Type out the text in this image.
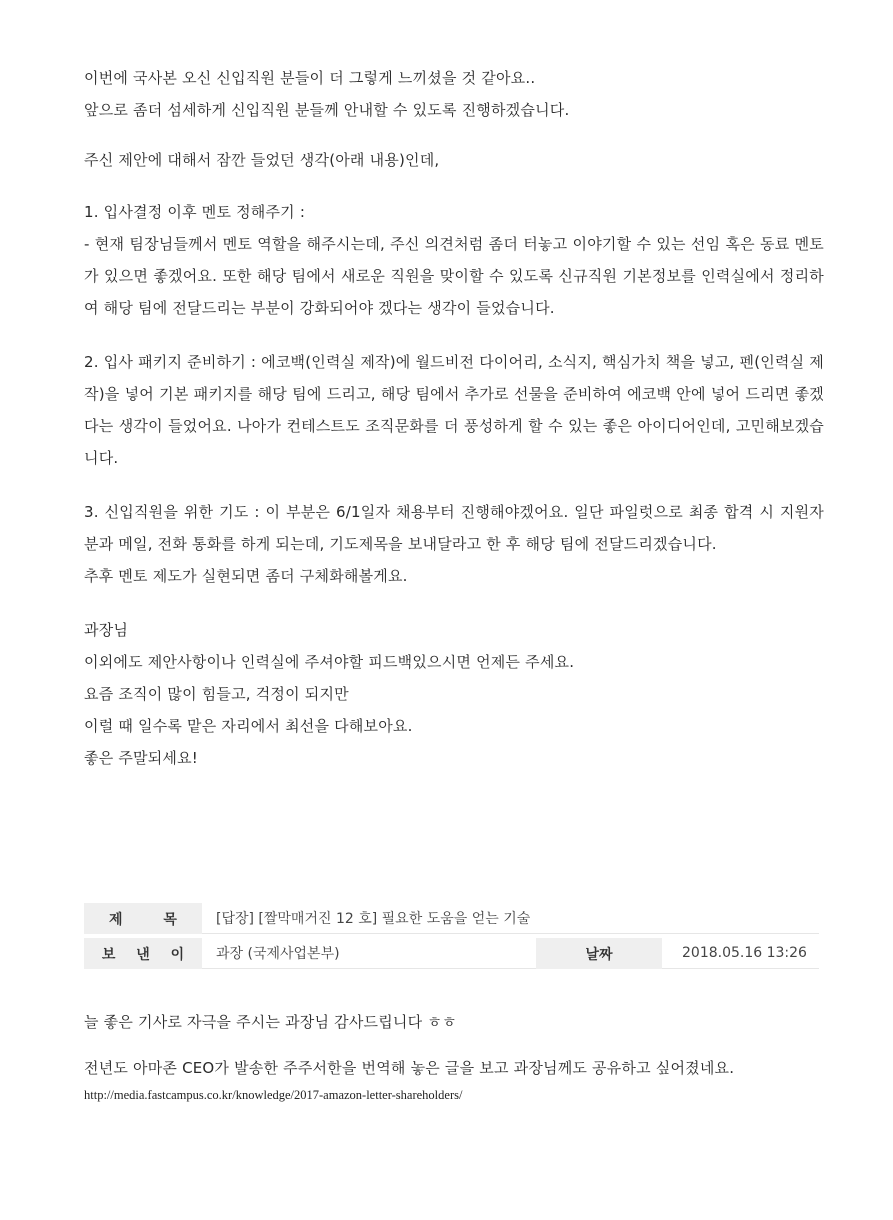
이번에 국사본 오신 신입직원 분들이 더 그렇게 느끼셨을 것 같아요..

앞으로 좀더 섬세하게 신입직원 분들께 안내할 수 있도록 진행하겠습니다.

주신 제안에 대해서 잠깐 들었던 생각(아래 내용)인데,

1. 입사결정 이후 멘토 정해주기 :

- 현재 팀장님들께서 멘토 역할을 해주시는데, 주신 의견처럼 좀더 터놓고 이야기할 수 있는 선임 혹은 동료 멘토가 있으면 좋겠어요. 또한 해당 팀에서 새로운 직원을 맞이할 수 있도록 신규직원 기본정보를 인력실에서 정리하여 해당 팀에 전달드리는 부분이 강화되어야 겠다는 생각이 들었습니다.

2. 입사 패키지 준비하기 : 에코백(인력실 제작)에 월드비전 다이어리, 소식지, 핵심가치 책을 넣고, 펜(인력실 제작)을 넣어 기본 패키지를 해당 팀에 드리고, 해당 팀에서 추가로 선물을 준비하여 에코백 안에 넣어 드리면 좋겠다는 생각이 들었어요. 나아가 컨테스트도 조직문화를 더 풍성하게 할 수 있는 좋은 아이디어인데, 고민해보겠습니다.

3. 신입직원을 위한 기도 : 이 부분은 6/1일자 채용부터 진행해야겠어요. 일단 파일럿으로 최종 합격 시 지원자 분과 메일, 전화 통화를 하게 되는데, 기도제목을 보내달라고 한 후 해당 팀에 전달드리겠습니다.

추후 멘토 제도가 실현되면 좀더 구체화해볼게요.

과장님

이외에도 제안사항이나 인력실에 주셔야할 피드백있으시면 언제든 주세요.

요즘 조직이 많이 힘들고, 걱정이 되지만

이럴 때 일수록 맡은 자리에서 최선을 다해보아요.

좋은 주말되세요!

제 목	[답장] [짤막매거진 12 호] 필요한 도움을 얻는 기술
보 낸 이	과장 (국제사업본부)	날짜	2018.05.16 13:26

늘 좋은 기사로 자극을 주시는 과장님 감사드립니다 ㅎㅎ

전년도 아마존 CEO가 발송한 주주서한을 번역해 놓은 글을 보고 과장님께도 공유하고 싶어졌네요.

http://media.fastcampus.co.kr/knowledge/2017-amazon-letter-shareholders/
